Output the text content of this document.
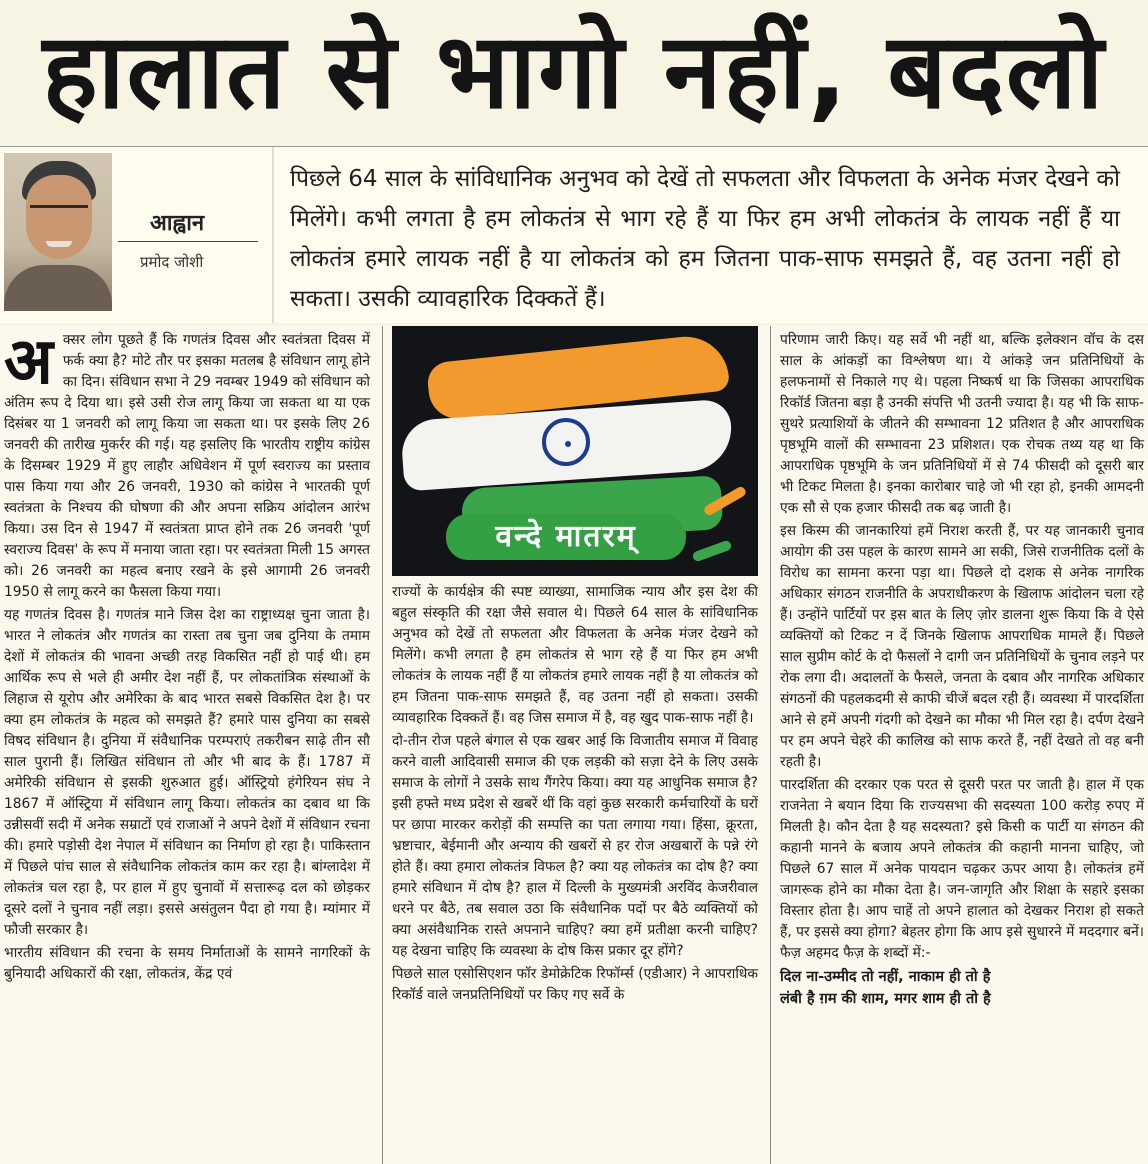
हालात से भागो नहीं, बदलो
आह्वान
प्रमोद जोशी
पिछले 64 साल के सांविधानिक अनुभव को देखें तो सफलता और विफलता के अनेक मंजर देखने को मिलेंगे। कभी लगता है हम लोकतंत्र से भाग रहे हैं या फिर हम अभी लोकतंत्र के लायक नहीं हैं या लोकतंत्र हमारे लायक नहीं है या लोकतंत्र को हम जितना पाक-साफ समझते हैं, वह उतना नहीं हो सकता। उसकी व्यावहारिक दिक्कतें हैं।

अक्सर लोग पूछते हैं कि गणतंत्र दिवस और स्वतंत्रता दिवस में फर्क क्या है? मोटे तौर पर इसका मतलब है संविधान लागू होने का दिन। संविधान सभा ने 29 नवम्बर 1949 को संविधान को अंतिम रूप दे दिया था। इसे उसी रोज लागू किया जा सकता था या एक दिसंबर या 1 जनवरी को लागू किया जा सकता था। पर इसके लिए 26 जनवरी की तारीख मुकर्रर की गई। यह इसलिए कि भारतीय राष्ट्रीय कांग्रेस के दिसम्बर 1929 में हुए लाहौर अधिवेशन में पूर्ण स्वराज्य का प्रस्ताव पास किया गया और 26 जनवरी, 1930 को कांग्रेस ने भारतकी पूर्ण स्वतंत्रता के निश्चय की घोषणा की और अपना सक्रिय आंदोलन आरंभ किया। उस दिन से 1947 में स्वतंत्रता प्राप्त होने तक 26 जनवरी 'पूर्ण स्वराज्य दिवस' के रूप में मनाया जाता रहा। पर स्वतंत्रता मिली 15 अगस्त को। 26 जनवरी का महत्व बनाए रखने के इसे आगामी 26 जनवरी 1950 से लागू करने का फैसला किया गया।

यह गणतंत्र दिवस है। गणतंत्र माने जिस देश का राष्ट्राध्यक्ष चुना जाता है। भारत ने लोकतंत्र और गणतंत्र का रास्ता तब चुना जब दुनिया के तमाम देशों में लोकतंत्र की भावना अच्छी तरह विकसित नहीं हो पाई थी। हम आर्थिक रूप से भले ही अमीर देश नहीं हैं, पर लोकतांत्रिक संस्थाओं के लिहाज से यूरोप और अमेरिका के बाद भारत सबसे विकसित देश है। पर क्या हम लोकतंत्र के महत्व को समझते हैं? हमारे पास दुनिया का सबसे विषद संविधान है। दुनिया में संवैधानिक परम्पराएं तकरीबन साढ़े तीन सौ साल पुरानी हैं। लिखित संविधान तो और भी बाद के हैं। 1787 में अमेरिकी संविधान से इसकी शुरुआत हुई। ऑस्ट्रियो हंगेरियन संघ ने 1867 में ऑस्ट्रिया में संविधान लागू किया। लोकतंत्र का दबाव था कि उन्नीसवीं सदी में अनेक सम्राटों एवं राजाओं ने अपने देशों में संविधान रचना की। हमारे पड़ोसी देश नेपाल में संविधान का निर्माण हो रहा है। पाकिस्तान में पिछले पांच साल से संवैधानिक लोकतंत्र काम कर रहा है। बांग्लादेश में लोकतंत्र चल रहा है, पर हाल में हुए चुनावों में सत्तारूढ़ दल को छोड़कर दूसरे दलों ने चुनाव नहीं लड़ा। इससे असंतुलन पैदा हो गया है। म्यांमार में फौजी सरकार है।

भारतीय संविधान की रचना के समय निर्माताओं के सामने नागरिकों के बुनियादी अधिकारों की रक्षा, लोकतंत्र, केंद्र एवं

वन्दे मातरम्

राज्यों के कार्यक्षेत्र की स्पष्ट व्याख्या, सामाजिक न्याय और इस देश की बहुल संस्कृति की रक्षा जैसे सवाल थे। पिछले 64 साल के सांविधानिक अनुभव को देखें तो सफलता और विफलता के अनेक मंजर देखने को मिलेंगे। कभी लगता है हम लोकतंत्र से भाग रहे हैं या फिर हम अभी लोकतंत्र के लायक नहीं हैं या लोकतंत्र हमारे लायक नहीं है या लोकतंत्र को हम जितना पाक-साफ समझते हैं, वह उतना नहीं हो सकता। उसकी व्यावहारिक दिक्कतें हैं। वह जिस समाज में है, वह खुद पाक-साफ नहीं है।

दो-तीन रोज पहले बंगाल से एक खबर आई कि विजातीय समाज में विवाह करने वाली आदिवासी समाज की एक लड़की को सज़ा देने के लिए उसके समाज के लोगों ने उसके साथ गैंगरेप किया। क्या यह आधुनिक समाज है? इसी हफ्ते मध्य प्रदेश से खबरें थीं कि वहां कुछ सरकारी कर्मचारियों के घरों पर छापा मारकर करोड़ों की सम्पत्ति का पता लगाया गया। हिंसा, क्रूरता, भ्रष्टाचार, बेईमानी और अन्याय की खबरों से हर रोज अखबारों के पन्ने रंगे होते हैं। क्या हमारा लोकतंत्र विफल है? क्या यह लोकतंत्र का दोष है? क्या हमारे संविधान में दोष है? हाल में दिल्ली के मुख्यमंत्री अरविंद केजरीवाल धरने पर बैठे, तब सवाल उठा कि संवैधानिक पदों पर बैठे व्यक्तियों को क्या असंवैधानिक रास्ते अपनाने चाहिए? क्या हमें प्रतीक्षा करनी चाहिए? यह देखना चाहिए कि व्यवस्था के दोष किस प्रकार दूर होंगे?

पिछले साल एसोसिएशन फॉर डेमोक्रेटिक रिफॉर्म्स (एडीआर) ने आपराधिक रिकॉर्ड वाले जनप्रतिनिधियों पर किए गए सर्वे के

परिणाम जारी किए। यह सर्वे भी नहीं था, बल्कि इलेक्शन वॉच के दस साल के आंकड़ों का विश्लेषण था। ये आंकड़े जन प्रतिनिधियों के हलफनामों से निकाले गए थे। पहला निष्कर्ष था कि जिसका आपराधिक रिकॉर्ड जितना बड़ा है उनकी संपत्ति भी उतनी ज्यादा है। यह भी कि साफ-सुथरे प्रत्याशियों के जीतने की सम्भावना 12 प्रतिशत है और आपराधिक पृष्ठभूमि वालों की सम्भावना 23 प्रशिशत। एक रोचक तथ्य यह था कि आपराधिक पृष्ठभूमि के जन प्रतिनिधियों में से 74 फीसदी को दूसरी बार भी टिकट मिलता है। इनका कारोबार चाहे जो भी रहा हो, इनकी आमदनी एक सौ से एक हजार फीसदी तक बढ़ जाती है।

इस किस्म की जानकारियां हमें निराश करती हैं, पर यह जानकारी चुनाव आयोग की उस पहल के कारण सामने आ सकी, जिसे राजनीतिक दलों के विरोध का सामना करना पड़ा था। पिछले दो दशक से अनेक नागरिक अधिकार संगठन राजनीति के अपराधीकरण के खिलाफ आंदोलन चला रहे हैं। उन्होंने पार्टियों पर इस बात के लिए ज़ोर डालना शुरू किया कि वे ऐसे व्यक्तियों को टिकट न दें जिनके खिलाफ आपराधिक मामले हैं। पिछले साल सुप्रीम कोर्ट के दो फैसलों ने दागी जन प्रतिनिधियों के चुनाव लड़ने पर रोक लगा दी। अदालतों के फैसले, जनता के दबाव और नागरिक अधिकार संगठनों की पहलकदमी से काफी चीजें बदल रही हैं। व्यवस्था में पारदर्शिता आने से हमें अपनी गंदगी को देखने का मौका भी मिल रहा है। दर्पण देखने पर हम अपने चेहरे की कालिख को साफ करते हैं, नहीं देखते तो वह बनी रहती है।

पारदर्शिता की दरकार एक परत से दूसरी परत पर जाती है। हाल में एक राजनेता ने बयान दिया कि राज्यसभा की सदस्यता 100 करोड़ रुपए में मिलती है। कौन देता है यह सदस्यता? इसे किसी क पार्टी या संगठन की कहानी मानने के बजाय अपने लोकतंत्र की कहानी मानना चाहिए, जो पिछले 67 साल में अनेक पायदान चढ़कर ऊपर आया है। लोकतंत्र हमें जागरूक होने का मौका देता है। जन-जागृति और शिक्षा के सहारे इसका विस्तार होता है। आप चाहें तो अपने हालात को देखकर निराश हो सकते हैं, पर इससे क्या होगा? बेहतर होगा कि आप इसे सुधारने में मददगार बनें। फैज़ अहमद फैज़ के शब्दों में:-

दिल ना-उम्मीद तो नहीं, नाकाम ही तो है
लंबी है ग़म की शाम, मगर शाम ही तो है
